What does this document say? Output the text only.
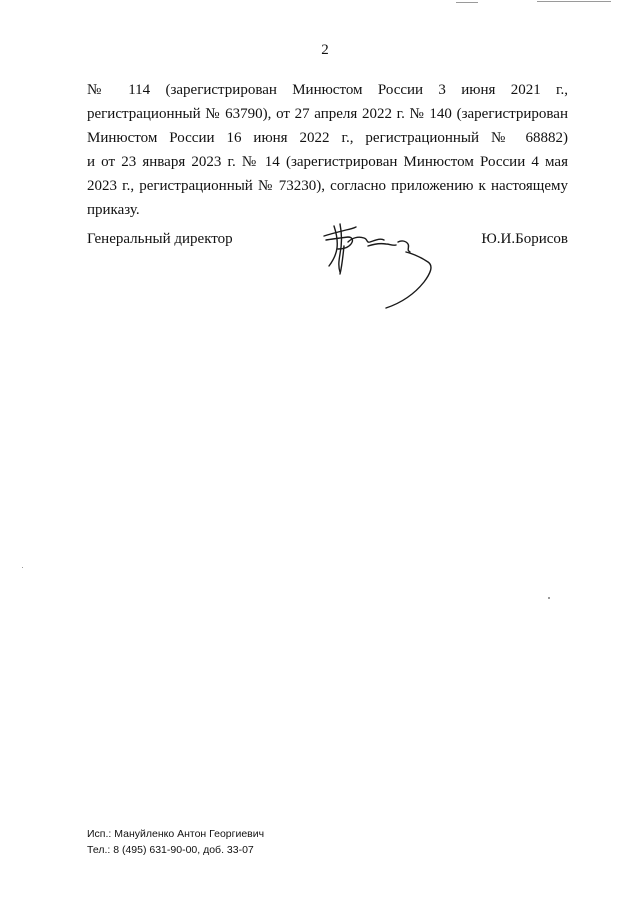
2
№ 114 (зарегистрирован Минюстом России 3 июня 2021 г.,
регистрационный № 63790), от 27 апреля 2022 г. № 140 (зарегистрирован
Минюстом России 16 июня 2022 г., регистрационный № 68882)
и от 23 января 2023 г. № 14 (зарегистрирован Минюстом России 4 мая
2023 г., регистрационный № 73230), согласно приложению к настоящему
приказу.
Генеральный директор	Ю.И.Борисов
Исп.: Мануйленко Антон Георгиевич
Тел.: 8 (495) 631-90-00, доб. 33-07
